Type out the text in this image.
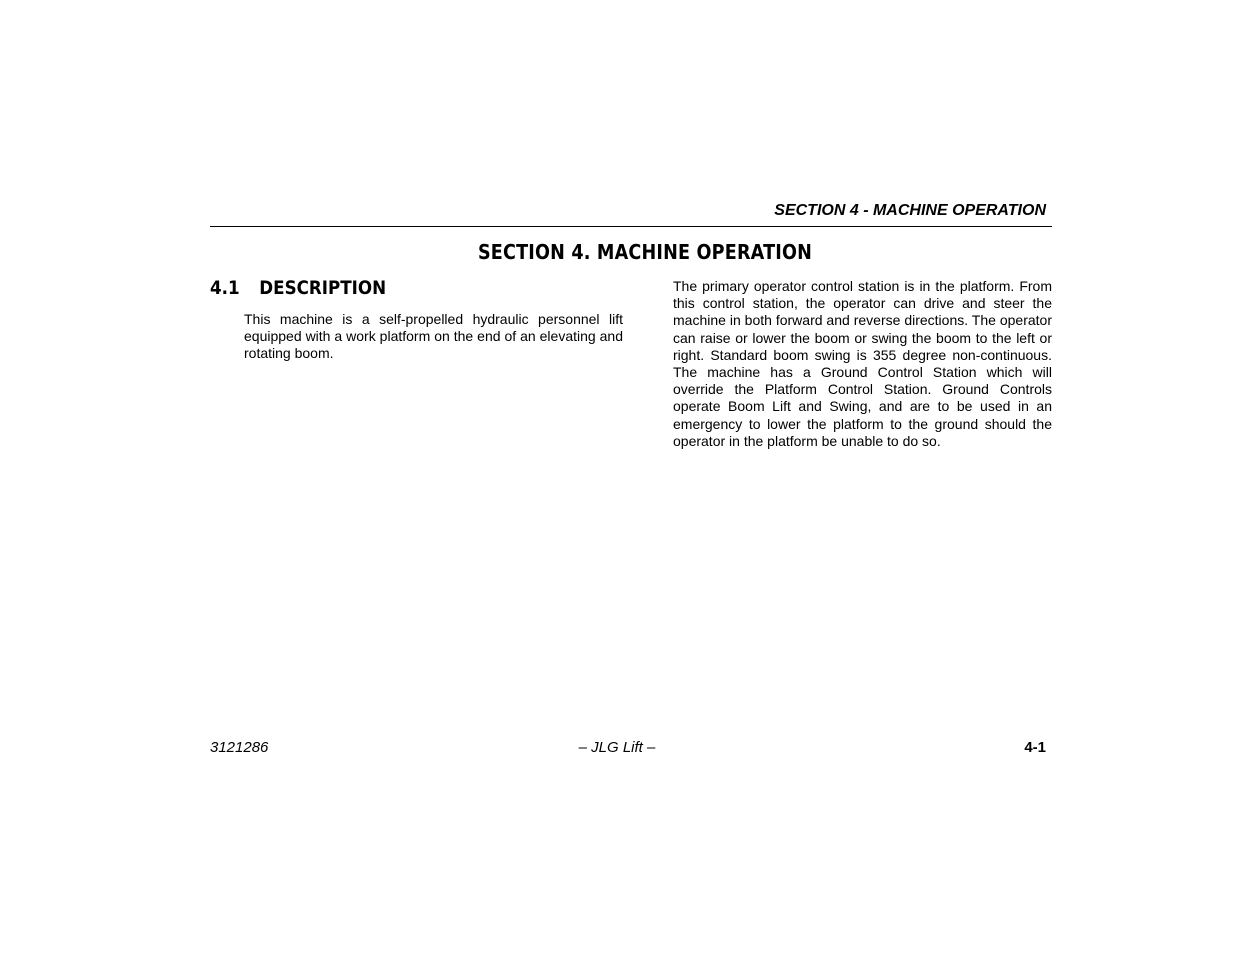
SECTION 4 - MACHINE OPERATION
SECTION 4. MACHINE OPERATION
4.1 DESCRIPTION

This machine is a self-propelled hydraulic personnel lift equipped with a work platform on the end of an elevating and rotating boom.

The primary operator control station is in the platform. From this control station, the operator can drive and steer the machine in both forward and reverse directions. The operator can raise or lower the boom or swing the boom to the left or right. Standard boom swing is 355 degree non-continuous. The machine has a Ground Control Station which will override the Platform Control Station. Ground Controls operate Boom Lift and Swing, and are to be used in an emergency to lower the platform to the ground should the operator in the platform be unable to do so.

3121286	– JLG Lift –	4-1
